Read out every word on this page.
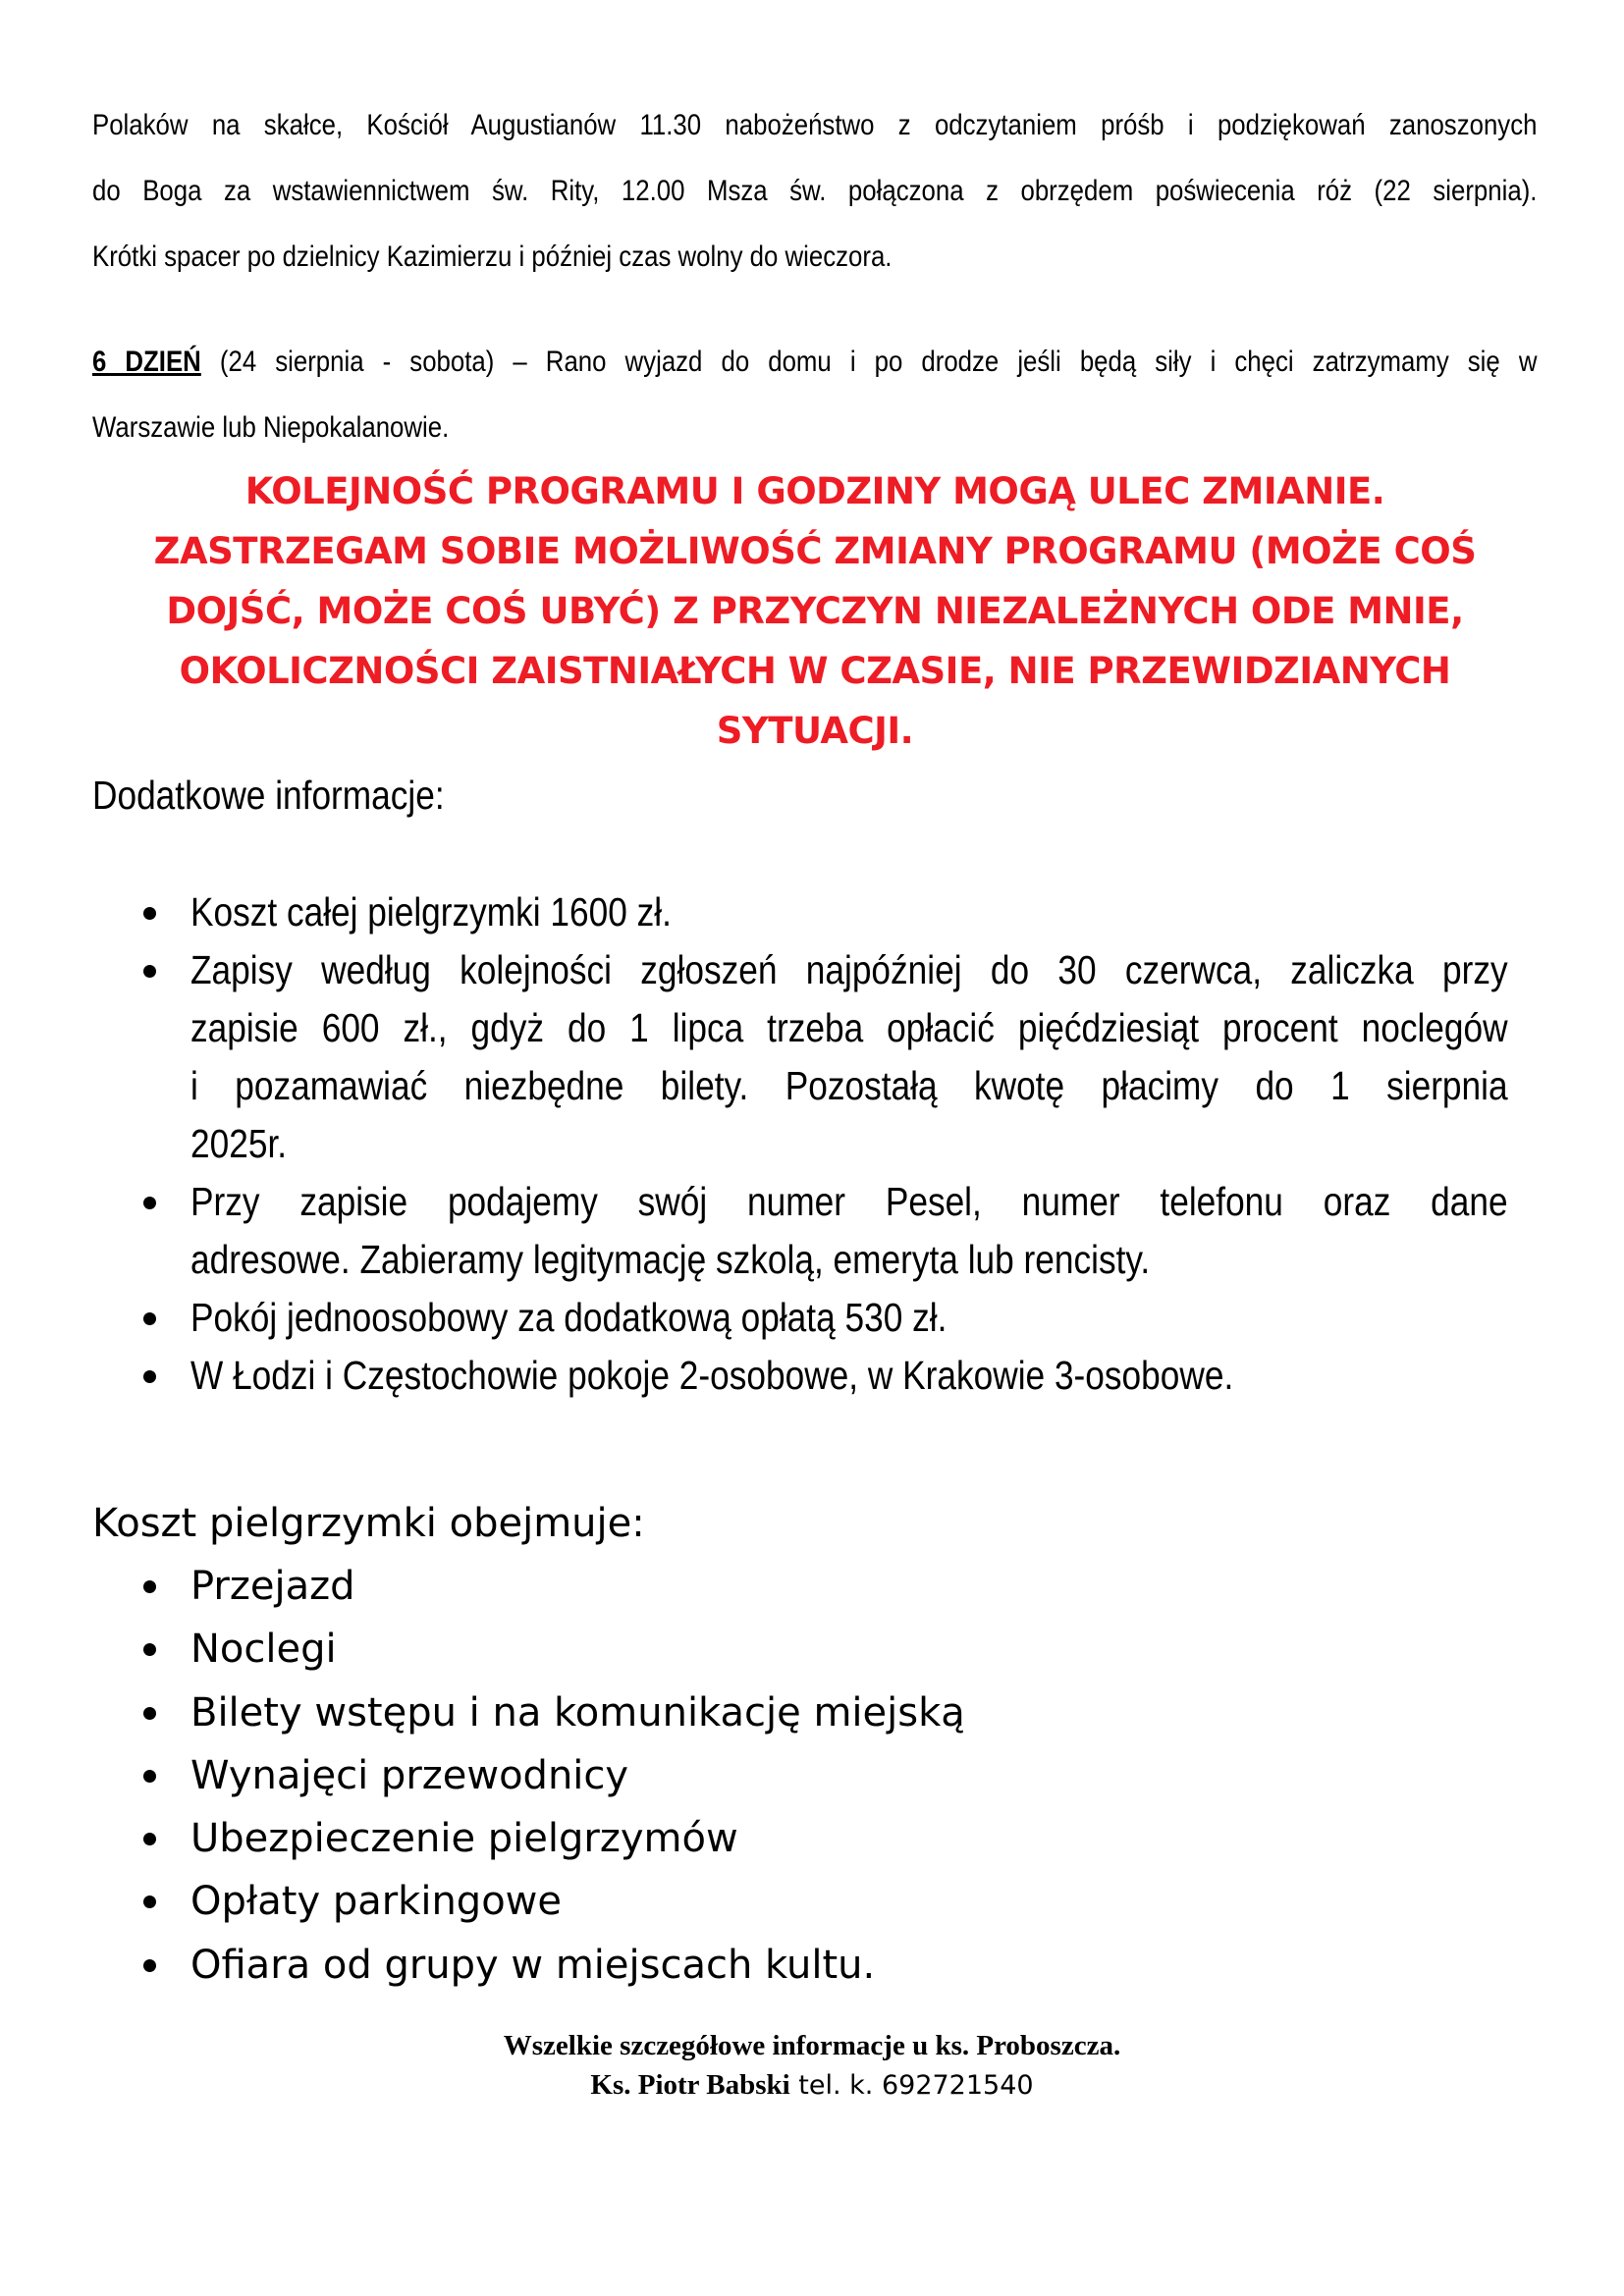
Polaków na skałce, Kościół Augustianów 11.30 nabożeństwo z odczytaniem próśb i podziękowań zanoszonych
do Boga za wstawiennictwem św. Rity, 12.00 Msza św. połączona z obrzędem poświecenia róż (22 sierpnia).
Krótki spacer po dzielnicy Kazimierzu i później czas wolny do wieczora.
6 DZIEŃ (24 sierpnia - sobota) – Rano wyjazd do domu i po drodze jeśli będą siły i chęci zatrzymamy się w
Warszawie lub Niepokalanowie.
KOLEJNOŚĆ PROGRAMU I GODZINY MOGĄ ULEC ZMIANIE.
ZASTRZEGAM SOBIE MOŻLIWOŚĆ ZMIANY PROGRAMU (MOŻE COŚ
DOJŚĆ, MOŻE COŚ UBYĆ) Z PRZYCZYN NIEZALEŻNYCH ODE MNIE,
OKOLICZNOŚCI ZAISTNIAŁYCH W CZASIE, NIE PRZEWIDZIANYCH
SYTUACJI.
Dodatkowe informacje:
Koszt całej pielgrzymki 1600 zł.
Zapisy według kolejności zgłoszeń najpóźniej do 30 czerwca, zaliczka przy
zapisie 600 zł., gdyż do 1 lipca trzeba opłacić pięćdziesiąt procent noclegów
i pozamawiać niezbędne bilety. Pozostałą kwotę płacimy do 1 sierpnia
2025r.
Przy zapisie podajemy swój numer Pesel, numer telefonu oraz dane
adresowe. Zabieramy legitymację szkolą, emeryta lub rencisty.
Pokój jednoosobowy za dodatkową opłatą 530 zł.
W Łodzi i Częstochowie pokoje 2-osobowe, w Krakowie 3-osobowe.
Koszt pielgrzymki obejmuje:
Przejazd
Noclegi
Bilety wstępu i na komunikację miejską
Wynajęci przewodnicy
Ubezpieczenie pielgrzymów
Opłaty parkingowe
Ofiara od grupy w miejscach kultu.
Wszelkie szczegółowe informacje u ks. Proboszcza.
Ks. Piotr Babski tel. k. 692721540
